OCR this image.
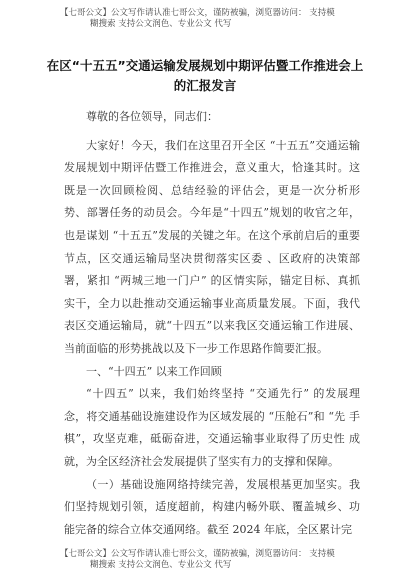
【七哥公文】公文写作请认准七哥公文，谨防被骗，浏览器访问： 支持模
糊搜索 支持公文润色、专业公文 代写
在区“十五五”交通运输发展规划中期评估暨工作推进会上
的汇报发言

尊敬的各位领导，同志们：

大家好！今天，我们在这里召开全区 “十五五”交通运输发展规划中期评估暨工作推进会，意义重大，恰逢其时。这既是一次回顾检阅、总结经验的评估会，更是一次分析形势、部署任务的动员会。今年是“十四五”规划的收官之年，也是谋划 “十五五”发展的关键之年。在这个承前启后的重要节点，区交通运输局坚决贯彻落实区委 、区政府的决策部署，紧扣 “两城三地一门户” 的区情实际，锚定目标、真抓 实干，全力以赴推动交通运输事业高质量发展。下面，我代 表区交通运输局，就“十四五”以来我区交通运输工作进展、 当前面临的形势挑战以及下一步工作思路作简要汇报。

一、“十四五” 以来工作回顾

“十四五” 以来，我们始终坚持 “交通先行” 的发展理 念，将交通基础设施建设作为区域发展的 “压舱石”和 “先 手棋”，攻坚克难，砥砺奋进，交通运输事业取得了历史性 成就，为全区经济社会发展提供了坚实有力的支撑和保障。

（一）基础设施网络持续完善，发展根基更加坚实。我 们坚持规划引领，适度超前，构建内畅外联、覆盖城乡、功 能完备的综合立体交通网络。截至 2024 年底，全区累计完

【七哥公文】公文写作请认准七哥公文，谨防被骗，浏览器访问： 支持模
糊搜索 支持公文润色、专业公文 代写
